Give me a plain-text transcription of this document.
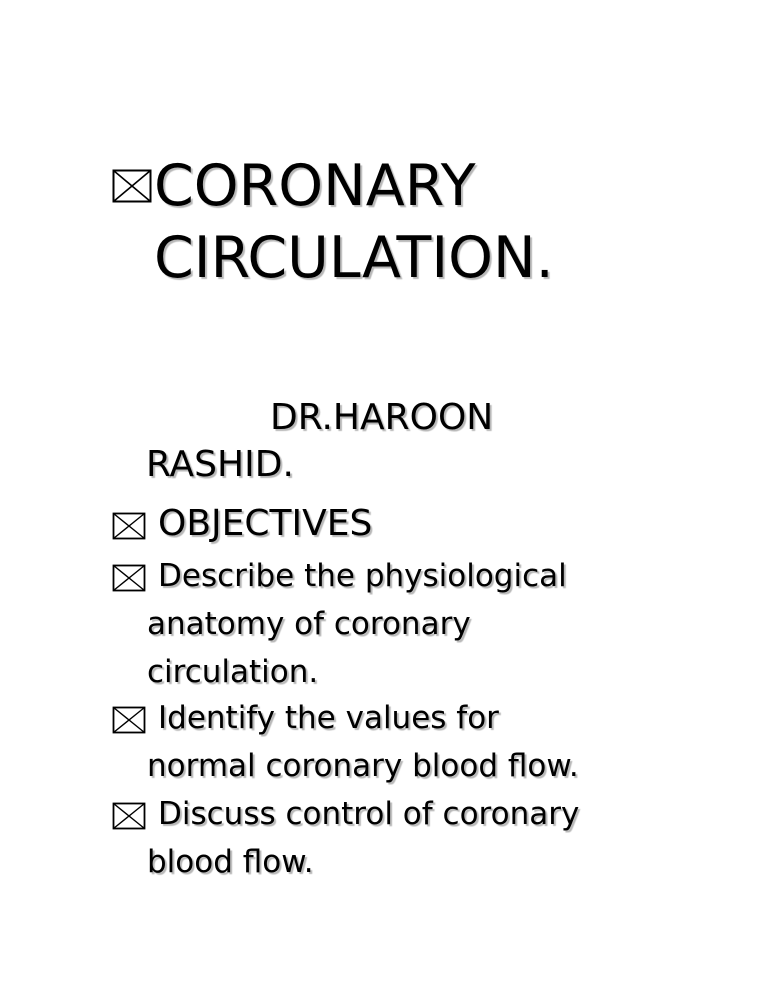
CORONARY
CIRCULATION.
DR.HAROON
RASHID.
OBJECTIVES
Describe the physiological
anatomy of coronary
circulation.
Identify the values for
normal coronary blood flow.
Discuss control of coronary
blood flow.
